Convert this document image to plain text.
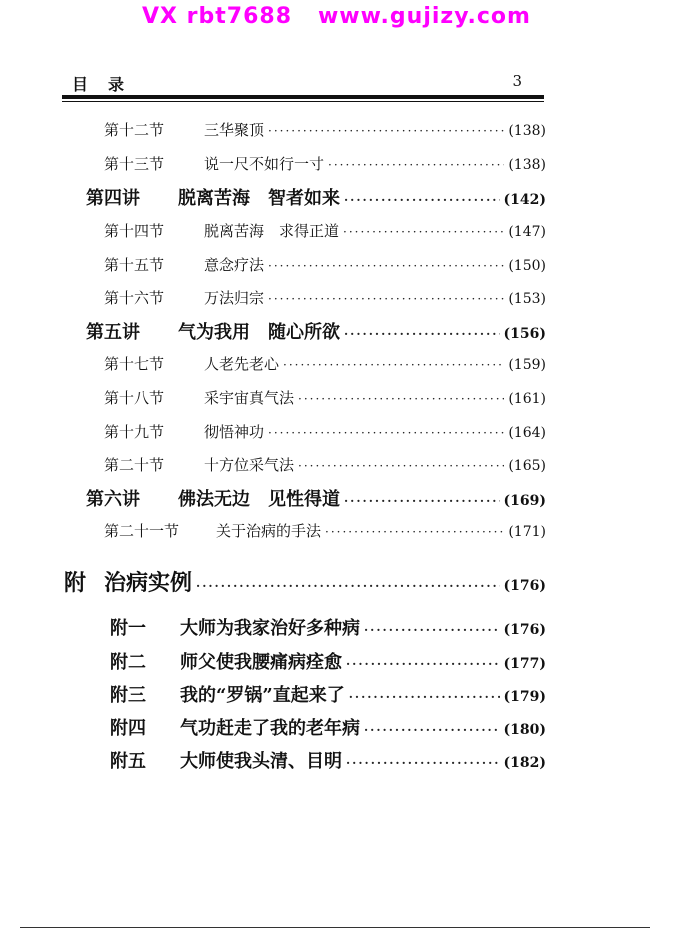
VX rbt7688   www.gujizy.com
目录	3
第十二节	三华聚顶 ·····	(138)
第十三节	说一尺不如行一寸 ·····	(138)
第四讲	脱离苦海　智者如来 ·····	(142)
第十四节	脱离苦海　求得正道 ·····	(147)
第十五节	意念疗法 ·····	(150)
第十六节	万法归宗 ·····	(153)
第五讲	气为我用　随心所欲 ·····	(156)
第十七节	人老先老心 ·····	(159)
第十八节	采宇宙真气法 ·····	(161)
第十九节	彻悟神功 ·····	(164)
第二十节	十方位采气法 ·····	(165)
第六讲	佛法无边　见性得道 ·····	(169)
第二十一节	关于治病的手法 ·····	(171)
附 治病实例 ·····	(176)
附一	大师为我家治好多种病 ·····	(176)
附二	师父使我腰痛病痊愈 ·····	(177)
附三	我的“罗锅”直起来了 ·····	(179)
附四	气功赶走了我的老年病 ·····	(180)
附五	大师使我头清、目明 ·····	(182)
